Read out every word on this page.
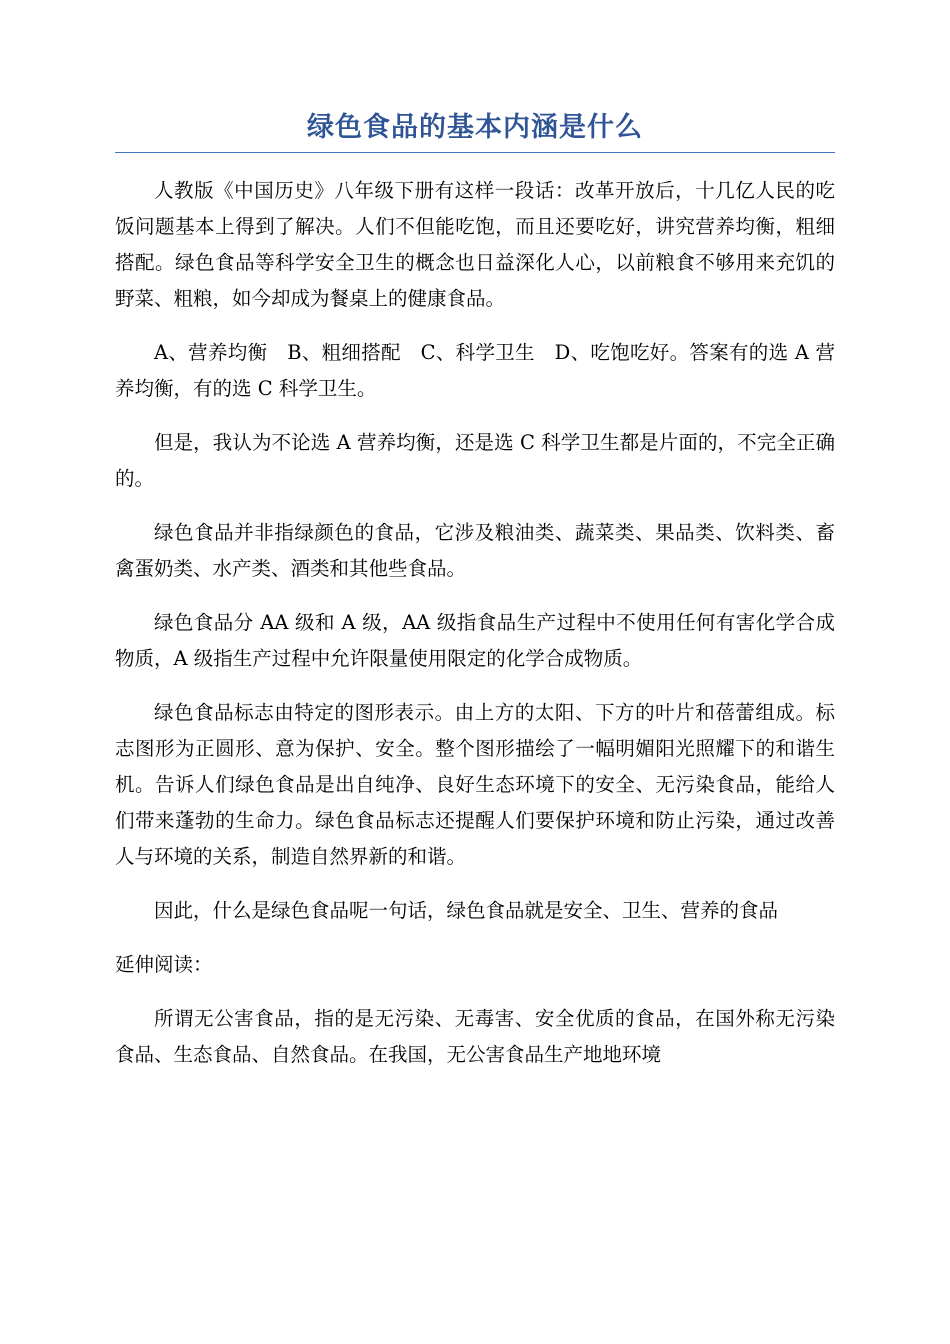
绿色食品的基本内涵是什么

人教版《中国历史》八年级下册有这样一段话：改革开放后，十几亿人民的吃饭问题基本上得到了解决。人们不但能吃饱，而且还要吃好，讲究营养均衡，粗细搭配。绿色食品等科学安全卫生的概念也日益深化人心，以前粮食不够用来充饥的野菜、粗粮，如今却成为餐桌上的健康食品。

A、营养均衡　B、粗细搭配　C、科学卫生　D、吃饱吃好。答案有的选 A 营养均衡，有的选 C 科学卫生。

但是，我认为不论选 A 营养均衡，还是选 C 科学卫生都是片面的，不完全正确的。

绿色食品并非指绿颜色的食品，它涉及粮油类、蔬菜类、果品类、饮料类、畜禽蛋奶类、水产类、酒类和其他些食品。

绿色食品分 AA 级和 A 级，AA 级指食品生产过程中不使用任何有害化学合成物质，A 级指生产过程中允许限量使用限定的化学合成物质。

绿色食品标志由特定的图形表示。由上方的太阳、下方的叶片和蓓蕾组成。标志图形为正圆形、意为保护、安全。整个图形描绘了一幅明媚阳光照耀下的和谐生机。告诉人们绿色食品是出自纯净、良好生态环境下的安全、无污染食品，能给人们带来蓬勃的生命力。绿色食品标志还提醒人们要保护环境和防止污染，通过改善人与环境的关系，制造自然界新的和谐。

因此，什么是绿色食品呢一句话，绿色食品就是安全、卫生、营养的食品

延伸阅读：

所谓无公害食品，指的是无污染、无毒害、安全优质的食品，在国外称无污染食品、生态食品、自然食品。在我国，无公害食品生产地地环境
